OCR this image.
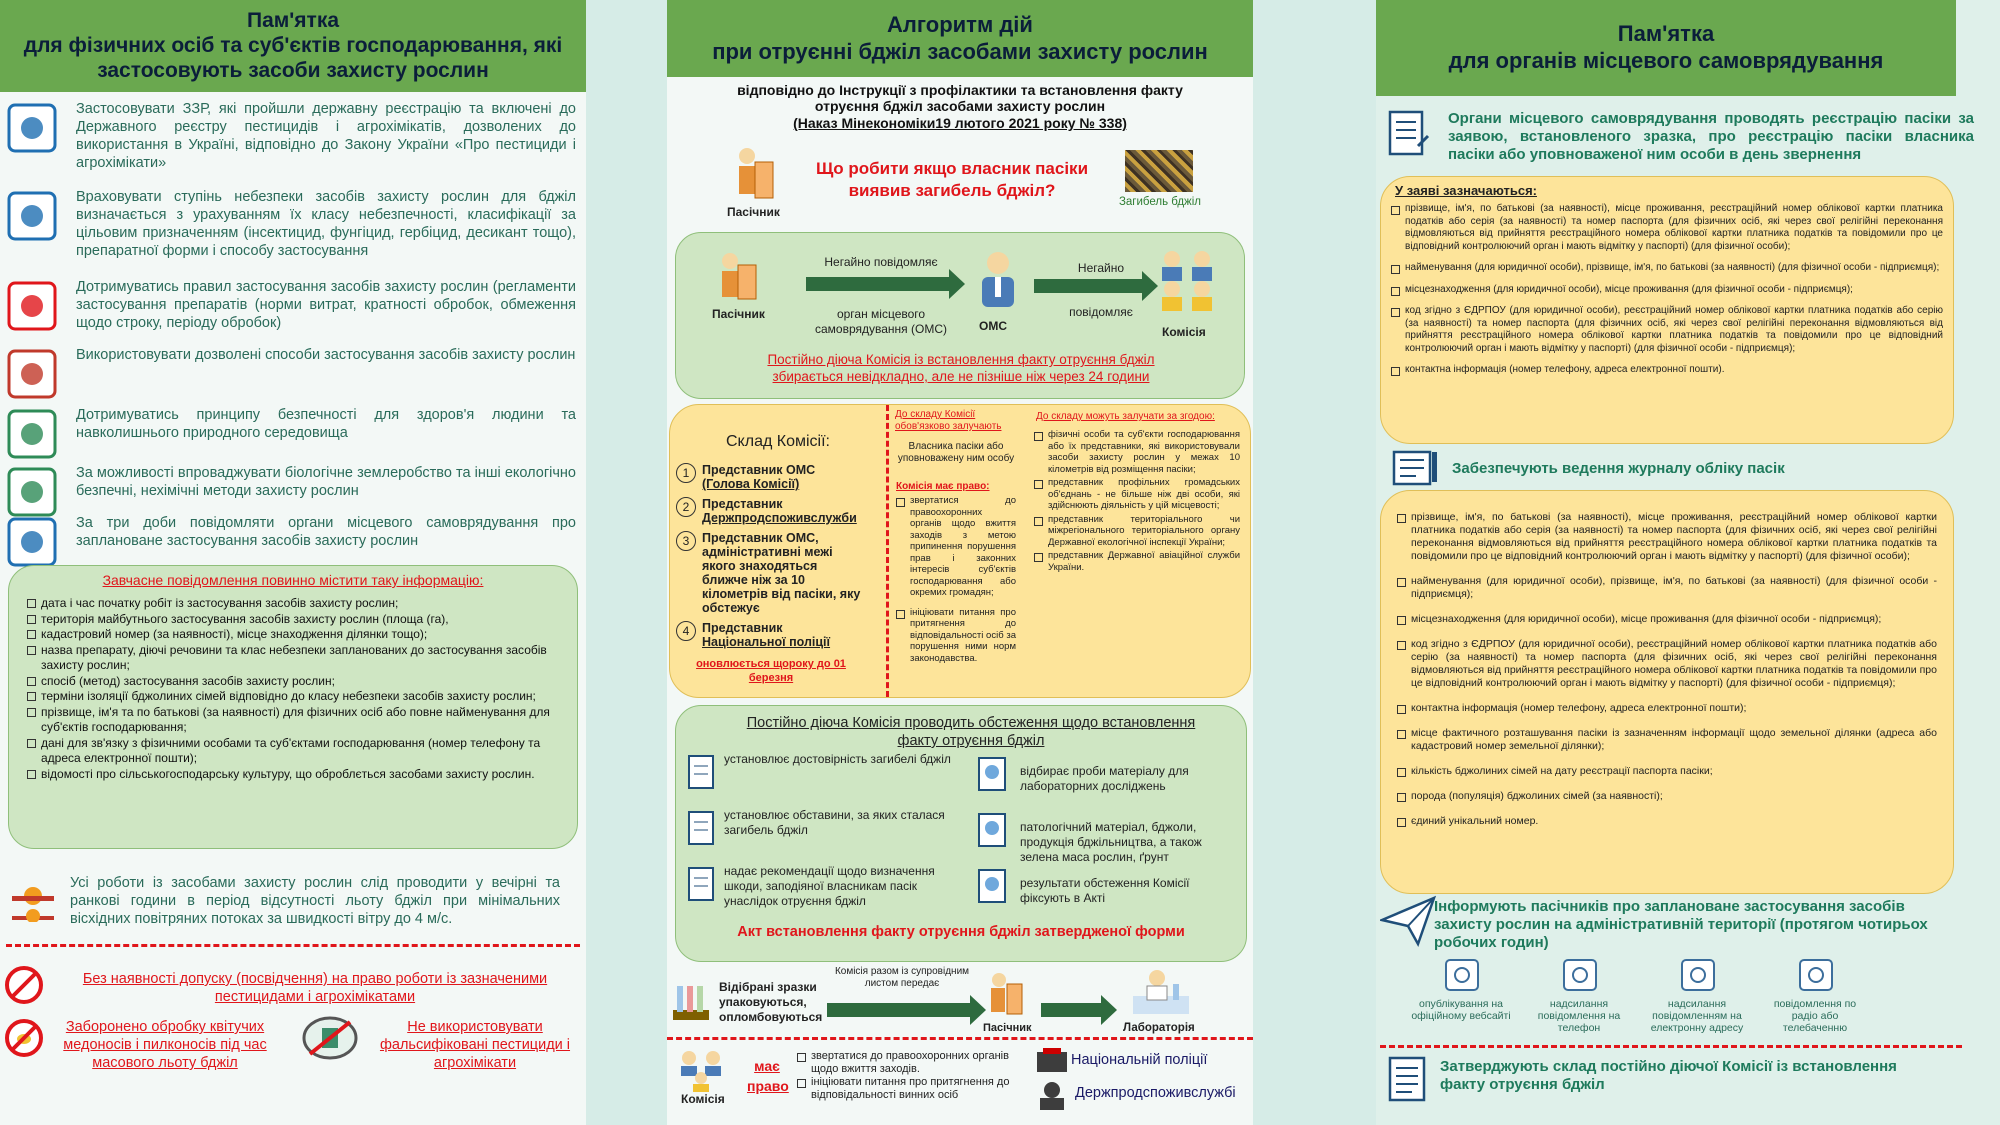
Пам'ятка
для фізичних осіб та суб'єктів господарювання, які застосовують засоби захисту рослин
Застосовувати ЗЗР, які пройшли державну реєстрацію та включені до Державного реєстру пестицидів і агрохімікатів, дозволених до використання в Україні, відповідно до Закону України «Про пестициди і агрохімікати»
Враховувати ступінь небезпеки засобів захисту рослин для бджіл визначається з урахуванням їх класу небезпечності, класифікації за цільовим призначенням (інсектицид, фунгіцид, гербіцид, десикант тощо), препаратної форми і способу застосування
Дотримуватись правил застосування засобів захисту рослин (регламенти застосування препаратів (норми витрат, кратності обробок, обмеження щодо строку, періоду обробок)
Використовувати дозволені способи застосування засобів захисту рослин
Дотримуватись принципу безпечності для здоров'я людини та навколишнього природного середовища
За можливості впроваджувати біологічне землеробство та інші екологічно безпечні, нехімічні методи захисту рослин
За три доби повідомляти органи місцевого самоврядування про заплановане застосування засобів захисту рослин
Завчасне повідомлення повинно містити таку інформацію:
дата і час початку робіт із застосування засобів захисту рослин;
територія майбутнього застосування засобів захисту рослин (площа (га),
кадастровий номер (за наявності), місце знаходження ділянки тощо);
назва препарату, діючі речовини та клас небезпеки запланованих до застосування засобів захисту рослин;
спосіб (метод) застосування засобів захисту рослин;
терміни ізоляції бджолиних сімей відповідно до класу небезпеки засобів захисту рослин;
прізвище, ім'я та по батькові (за наявності) для фізичних осіб або повне найменування для суб'єктів господарювання;
дані для зв'язку з фізичними особами та суб'єктами господарювання (номер телефону та адреса електронної пошти);
відомості про сільськогосподарську культуру, що оброблється засобами захисту рослин.
Усі роботи із засобами захисту рослин слід проводити у вечірні та ранкові години в період відсутності льоту бджіл при мінімальних вісхідних повітряних потоках за швидкості вітру до 4 м/с.
Без наявності допуску (посвідчення) на право роботи із зазначеними пестицидами і агрохімікатами
Заборонено обробку квітучих медоносів і пилконосів під час масового льоту бджіл
Не використовувати фальсифіковані пестициди і агрохімікати
Алгоритм дій
при отруєнні бджіл засобами захисту рослин
відповідно до Інструкції з профілактики та встановлення факту отруєння бджіл засобами захисту рослин
(Наказ Мінекономіки19 лютого 2021 року № 338)
Пасічник
Що робити якщо власник пасіки виявив загибель бджіл?
Загибель бджіл
Пасічник
Негайно повідомляє
орган місцевого самоврядування (ОМС)	ОМС
Негайно
повідомляє
Комісія
Постійно діюча Комісія із встановлення факту отруєння бджіл збирається невідкладно, але не пізніше ніж через 24 години
Склад Комісії:
1	Представник ОМС
(Голова Комісії)
2	Представник
Держпродспоживслужби
3	Представник ОМС, адміністративні межі якого знаходяться ближче ніж за 10 кілометрів від пасіки, яку обстежує
4	Представник
Національної поліції
оновлюється щороку до 01 березня
До складу Комісії обов'язково залучають
Власника пасіки або уповноважену ним особу
Комісія має право:
звертатися до правоохоронних органів щодо вжиття заходів з метою припинення порушення прав і законних інтересів суб'єктів господарювання або окремих громадян;
ініціювати питання про притягнення до відповідальності осіб за порушення ними норм законодавства.
До складу можуть залучати за згодою:
фізичні особи та суб'єкти господарювання або їх представники, які використовували засоби захисту рослин у межах 10 кілометрів від розміщення пасіки;
представник профільних громадських об'єднань - не більше ніж дві особи, які здійснюють діяльність у цій місцевості;
представник територіального чи міжрегіонального територіального органу Державної екологічної інспекції України;
представник Державної авіаційної служби України.
Постійно діюча Комісія проводить обстеження щодо встановлення факту отруєння бджіл
Акт встановлення факту отруєння бджіл затвердженої форми
установлює достовірність загибелі бджіл
установлює обставини, за яких сталася загибель бджіл
надає рекомендації щодо визначення шкоди, заподіяної власникам пасік унаслідок отруєння бджіл
відбирає проби матеріалу для лабораторних досліджень
патологічний матеріал, бджоли, продукція бджільництва, а також зелена маса рослин, ґрунт
результати обстеження Комісії фіксують в Акті
Відібрані зразки упаковуються, опломбовуються
Комісія разом із супровідним листом передає
Пасічник	Лабораторія
Комісія
має право
звертатися до правоохоронних органів щодо вжиття заходів.
ініціювати питання про притягнення до відповідальності винних осіб
Національній поліції
Держпродспоживслужбі
Пам'ятка
для органів місцевого самоврядування
Органи місцевого самоврядування проводять реєстрацію пасіки за заявою, встановленого зразка, про реєстрацію пасіки власника пасіки або уповноваженої ним особи в день звернення
У заяві зазначаються:
прізвище, ім'я, по батькові (за наявності), місце проживання, реєстраційний номер облікової картки платника податків або серія (за наявності) та номер паспорта (для фізичних осіб, які через свої релігійні переконання відмовляються від прийняття реєстраційного номера облікової картки платника податків та повідомили про це відповідний контролюючий орган і мають відмітку у паспорті) (для фізичної особи);
найменування (для юридичної особи), прізвище, ім'я, по батькові (за наявності) (для фізичної особи - підприємця);
місцезнаходження (для юридичної особи), місце проживання (для фізичної особи - підприємця);
код згідно з ЄДРПОУ (для юридичної особи), реєстраційний номер облікової картки платника податків або серію (за наявності) та номер паспорта (для фізичних осіб, які через свої релігійні переконання відмовляються від прийняття реєстраційного номера облікової картки платника податків та повідомили про це відповідний контролюючий орган і мають відмітку у паспорті) (для фізичної особи - підприємця);
контактна інформація (номер телефону, адреса електронної пошти).
Забезпечують ведення журналу обліку пасік
прізвище, ім'я, по батькові (за наявності), місце проживання, реєстраційний номер облікової картки платника податків або серія (за наявності) та номер паспорта (для фізичних осіб, які через свої релігійні переконання відмовляються від прийняття реєстраційного номера облікової картки платника податків та повідомили про це відповідний контролюючий орган і мають відмітку у паспорті) (для фізичної особи);
найменування (для юридичної особи), прізвище, ім'я, по батькові (за наявності) (для фізичної особи - підприємця);
місцезнаходження (для юридичної особи), місце проживання (для фізичної особи - підприємця);
код згідно з ЄДРПОУ (для юридичної особи), реєстраційний номер облікової картки платника податків або серію (за наявності) та номер паспорта (для фізичних осіб, які через свої релігійні переконання відмовляються від прийняття реєстраційного номера облікової картки платника податків та повідомили про це відповідний контролюючий орган і мають відмітку у паспорті) (для фізичної особи - підприємця);
контактна інформація (номер телефону, адреса електронної пошти);
місце фактичного розташування пасіки із зазначенням інформації щодо земельної ділянки (адреса або кадастровий номер земельної ділянки);
кількість бджолиних сімей на дату реєстрації паспорта пасіки;
порода (популяція) бджолиних сімей (за наявності);
єдиний унікальний номер.
Інформують пасічників про заплановане застосування засобів захисту рослин на адміністративній території (протягом чотирьох робочих годин)
Затверджують склад постійно діючої Комісії із встановлення факту отруєння бджіл
опублікування на офіційному вебсайті
надсилання повідомлення на телефон
надсилання повідомленням на електронну адресу
повідомлення по радіо або телебаченню
